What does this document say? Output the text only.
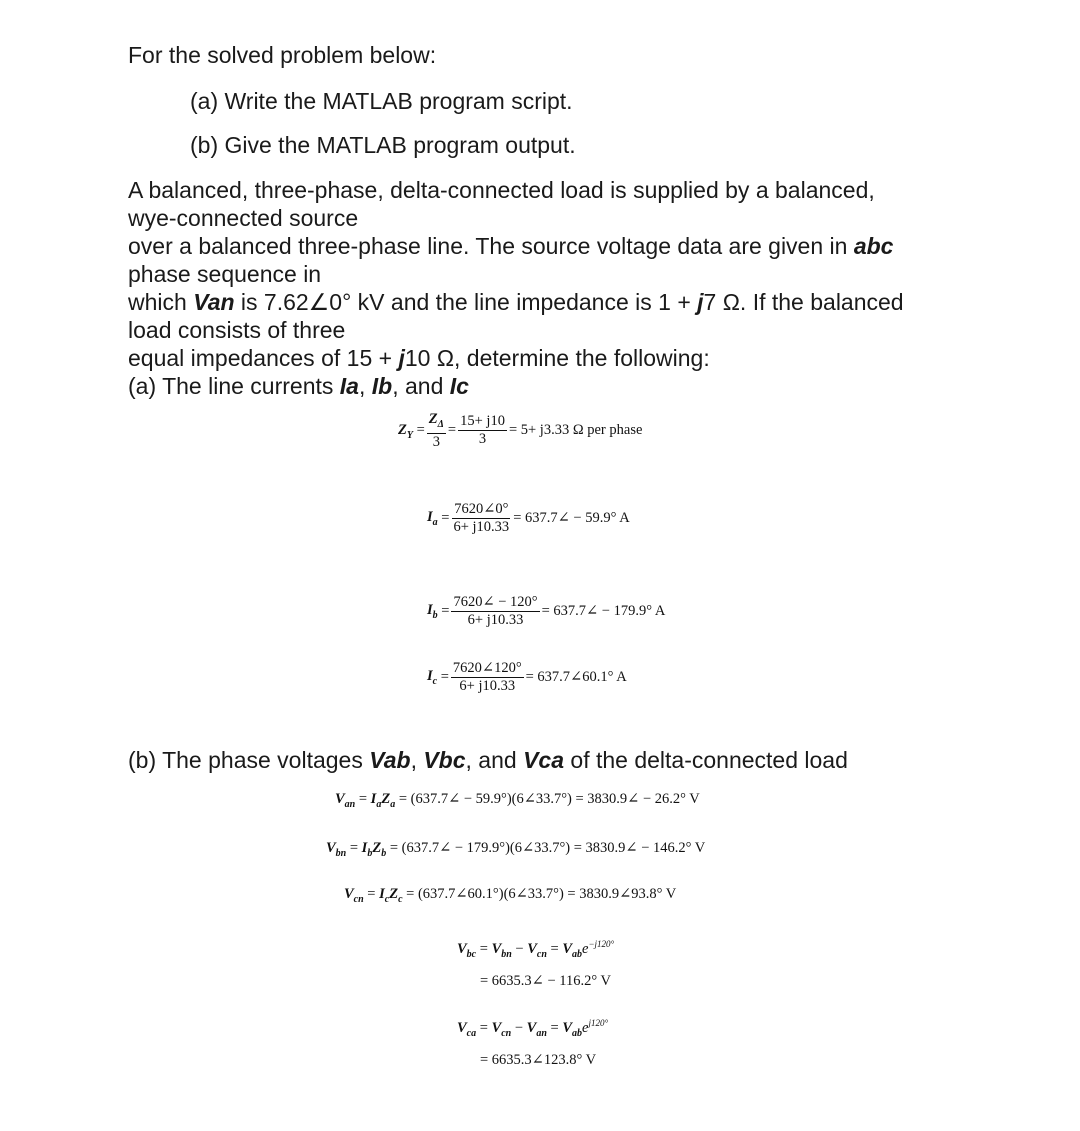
For the solved problem below:
(a) Write the MATLAB program script.
(b) Give the MATLAB program output.
A balanced, three-phase, delta-connected load is supplied by a balanced,
wye-connected source
over a balanced three-phase line. The source voltage data are given in abc
phase sequence in
which Van is 7.62∠0° kV and the line impedance is 1 + j7 Ω. If the balanced
load consists of three
equal impedances of 15 + j10 Ω, determine the following:
(a) The line currents Ia, Ib, and Ic
$Z_Y = \frac{Z_\Delta}{3} = \frac{15+ j10}{3} = 5+ j3.33$ Ω per phase
$I_a = \frac{7620\angle 0^\circ}{6+ j10.33}$ = 637.7∠ − 59.9° A
$I_b = \frac{7620\angle - 120^\circ}{6+ j10.33}$ = 637.7∠ − 179.9° A
$I_c = \frac{7620\angle 120^\circ}{6+ j10.33}$ = 637.7∠60.1° A
(b) The phase voltages Vab, Vbc, and Vca of the delta-connected load
$V_{an} = I_aZ_a$ = (637.7∠ − 59.9°)(6∠33.7°) = 3830.9∠ − 26.2° V
$V_{bn} = I_bZ_b$ = (637.7∠ − 179.9°)(6∠33.7°) = 3830.9∠ − 146.2° V
$V_{cn} = I_cZ_c$ = (637.7∠60.1°)(6∠33.7°) = 3830.9∠93.8° V
$V_{bc} = V_{bn} - V_{cn} = V_{ab}e^{-j120^\circ}$
= 6635.3∠ − 116.2° V
$V_{ca} = V_{cn} - V_{an} = V_{ab}e^{j120^\circ}$
= 6635.3∠123.8° V
